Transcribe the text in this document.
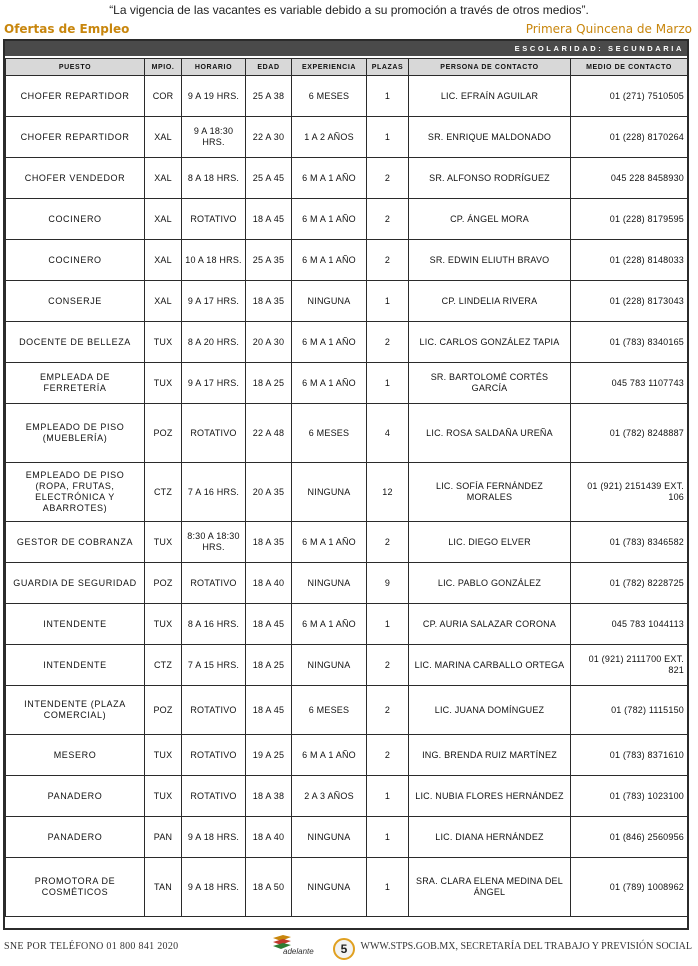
“La vigencia de las vacantes es variable debido a su promoción a través de otros medios”.
Ofertas de Empleo	Primera Quincena de Marzo
ESCOLARIDAD: SECUNDARIA
PUESTO	MPIO.	HORARIO	EDAD	EXPERIENCIA	PLAZAS	PERSONA DE CONTACTO	MEDIO DE CONTACTO
CHOFER REPARTIDOR	COR	9 A 19 HRS.	25 A 38	6 MESES	1	LIC. EFRAÍN AGUILAR	01 (271) 7510505
CHOFER REPARTIDOR	XAL	9 A 18:30 HRS.	22 A 30	1 A 2 AÑOS	1	SR. ENRIQUE MALDONADO	01 (228) 8170264
CHOFER VENDEDOR	XAL	8 A 18 HRS.	25 A 45	6 M A 1 AÑO	2	SR. ALFONSO RODRÍGUEZ	045 228 8458930
COCINERO	XAL	ROTATIVO	18 A 45	6 M A 1 AÑO	2	CP. ÁNGEL MORA	01 (228) 8179595
COCINERO	XAL	10 A 18 HRS.	25 A 35	6 M A 1 AÑO	2	SR. EDWIN ELIUTH BRAVO	01 (228) 8148033
CONSERJE	XAL	9 A 17 HRS.	18 A 35	NINGUNA	1	CP. LINDELIA RIVERA	01 (228) 8173043
DOCENTE DE BELLEZA	TUX	8 A 20 HRS.	20 A 30	6 M A 1 AÑO	2	LIC. CARLOS GONZÁLEZ TAPIA	01 (783) 8340165
EMPLEADA DE FERRETERÍA	TUX	9 A 17 HRS.	18 A 25	6 M A 1 AÑO	1	SR. BARTOLOMÉ CORTÉS GARCÍA	045 783 1107743
EMPLEADO DE PISO (MUEBLERÍA)	POZ	ROTATIVO	22 A 48	6 MESES	4	LIC. ROSA SALDAÑA UREÑA	01 (782) 8248887
EMPLEADO DE PISO (ROPA, FRUTAS, ELECTRÓNICA Y ABARROTES)	CTZ	7 A 16 HRS.	20 A 35	NINGUNA	12	LIC. SOFÍA FERNÁNDEZ MORALES	01 (921) 2151439 EXT. 106
GESTOR DE COBRANZA	TUX	8:30 A 18:30 HRS.	18 A 35	6 M A 1 AÑO	2	LIC. DIEGO ELVER	01 (783) 8346582
GUARDIA DE SEGURIDAD	POZ	ROTATIVO	18 A 40	NINGUNA	9	LIC. PABLO GONZÁLEZ	01 (782) 8228725
INTENDENTE	TUX	8 A 16 HRS.	18 A 45	6 M A 1 AÑO	1	CP. AURIA SALAZAR CORONA	045 783 1044113
INTENDENTE	CTZ	7 A 15 HRS.	18 A 25	NINGUNA	2	LIC. MARINA CARBALLO ORTEGA	01 (921) 2111700 EXT. 821
INTENDENTE (PLAZA COMERCIAL)	POZ	ROTATIVO	18 A 45	6 MESES	2	LIC. JUANA DOMÍNGUEZ	01 (782) 1115150
MESERO	TUX	ROTATIVO	19 A 25	6 M A 1 AÑO	2	ING. BRENDA RUIZ MARTÍNEZ	01 (783) 8371610
PANADERO	TUX	ROTATIVO	18 A 38	2 A 3 AÑOS	1	LIC. NUBIA FLORES HERNÁNDEZ	01 (783) 1023100
PANADERO	PAN	9 A 18 HRS.	18 A 40	NINGUNA	1	LIC. DIANA HERNÁNDEZ	01 (846) 2560956
PROMOTORA DE COSMÉTICOS	TAN	9 A 18 HRS.	18 A 50	NINGUNA	1	SRA. CLARA ELENA MEDINA DEL ÁNGEL	01 (789) 1008962
SNE POR TELÉFONO 01 800 841 2020	adelante	5	WWW.STPS.GOB.MX, SECRETARÍA DEL TRABAJO Y PREVISIÓN SOCIAL
